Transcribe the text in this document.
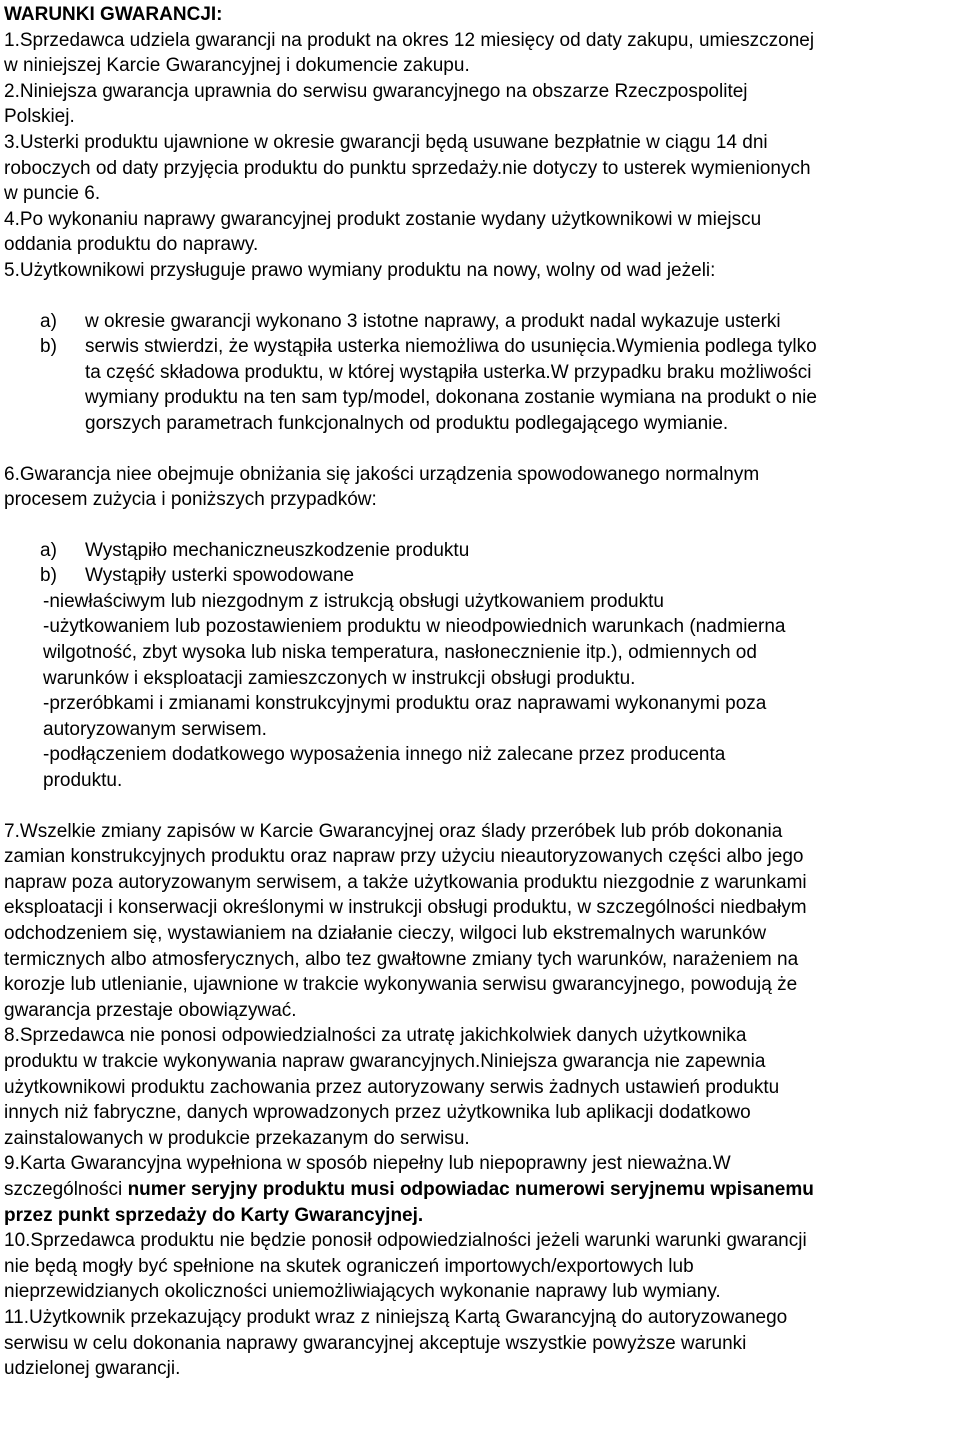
WARUNKI GWARANCJI:
1.Sprzedawca udziela gwarancji na produkt na okres 12 miesięcy od daty zakupu, umieszczonej
w niniejszej Karcie Gwarancyjnej i dokumencie zakupu.
2.Niniejsza gwarancja uprawnia do serwisu gwarancyjnego na obszarze Rzeczpospolitej
Polskiej.
3.Usterki produktu ujawnione w okresie gwarancji będą usuwane bezpłatnie w ciągu 14 dni
roboczych od daty przyjęcia produktu do punktu sprzedaży.nie dotyczy to usterek wymienionych
w puncie 6.
4.Po wykonaniu naprawy gwarancyjnej produkt zostanie wydany użytkownikowi w miejscu
oddania produktu do naprawy.
5.Użytkownikowi przysługuje prawo wymiany produktu na nowy, wolny od wad jeżeli:
a)	w okresie gwarancji wykonano 3 istotne naprawy, a produkt nadal wykazuje usterki
b)	serwis stwierdzi, że wystąpiła usterka niemożliwa do usunięcia.Wymienia podlega tylko
ta część składowa produktu, w której wystąpiła usterka.W przypadku braku możliwości
wymiany produktu na ten sam typ/model, dokonana zostanie wymiana na produkt o nie
gorszych parametrach funkcjonalnych od produktu podlegającego wymianie.
6.Gwarancja niee obejmuje obniżania się jakości urządzenia spowodowanego normalnym
procesem zużycia i poniższych przypadków:
a)	Wystąpiło mechaniczneuszkodzenie produktu
b)	Wystąpiły usterki spowodowane
-niewłaściwym lub niezgodnym z istrukcją obsługi użytkowaniem produktu
-użytkowaniem lub pozostawieniem produktu w nieodpowiednich warunkach (nadmierna
wilgotność, zbyt wysoka lub niska temperatura, nasłonecznienie itp.), odmiennych od
warunków i eksploatacji zamieszczonych w instrukcji obsługi produktu.
-przeróbkami i zmianami konstrukcyjnymi produktu oraz naprawami wykonanymi poza
autoryzowanym serwisem.
-podłączeniem dodatkowego wyposażenia innego niż zalecane przez producenta
produktu.
7.Wszelkie zmiany zapisów w Karcie Gwarancyjnej oraz ślady przeróbek lub prób dokonania
zamian konstrukcyjnych produktu oraz napraw przy użyciu nieautoryzowanych części albo jego
napraw poza autoryzowanym serwisem, a także użytkowania produktu niezgodnie z warunkami
eksploatacji i konserwacji określonymi w instrukcji obsługi produktu, w szczególności niedbałym
odchodzeniem się, wystawianiem na działanie cieczy, wilgoci lub ekstremalnych warunków
termicznych albo atmosferycznych, albo tez gwałtowne zmiany tych warunków, narażeniem na
korozje lub utlenianie, ujawnione w trakcie wykonywania serwisu gwarancyjnego, powodują że
gwarancja przestaje obowiązywać.
8.Sprzedawca nie ponosi odpowiedzialności za utratę jakichkolwiek danych użytkownika
produktu w trakcie wykonywania napraw gwarancyjnych.Niniejsza gwarancja nie zapewnia
użytkownikowi produktu zachowania przez autoryzowany serwis żadnych ustawień produktu
innych niż fabryczne, danych wprowadzonych przez użytkownika lub aplikacji dodatkowo
zainstalowanych w produkcie przekazanym do serwisu.
9.Karta Gwarancyjna wypełniona w sposób niepełny lub niepoprawny jest nieważna.W
szczególności numer seryjny produktu musi odpowiadac numerowi seryjnemu wpisanemu
przez punkt sprzedaży do Karty Gwarancyjnej.
10.Sprzedawca produktu nie będzie ponosił odpowiedzialności jeżeli warunki warunki gwarancji
nie będą mogły być spełnione na skutek ograniczeń importowych/exportowych lub
nieprzewidzianych okoliczności uniemożliwiających wykonanie naprawy lub wymiany.
11.Użytkownik przekazujący produkt wraz z niniejszą Kartą Gwarancyjną do autoryzowanego
serwisu w celu dokonania naprawy gwarancyjnej akceptuje wszystkie powyższe warunki
udzielonej gwarancji.
